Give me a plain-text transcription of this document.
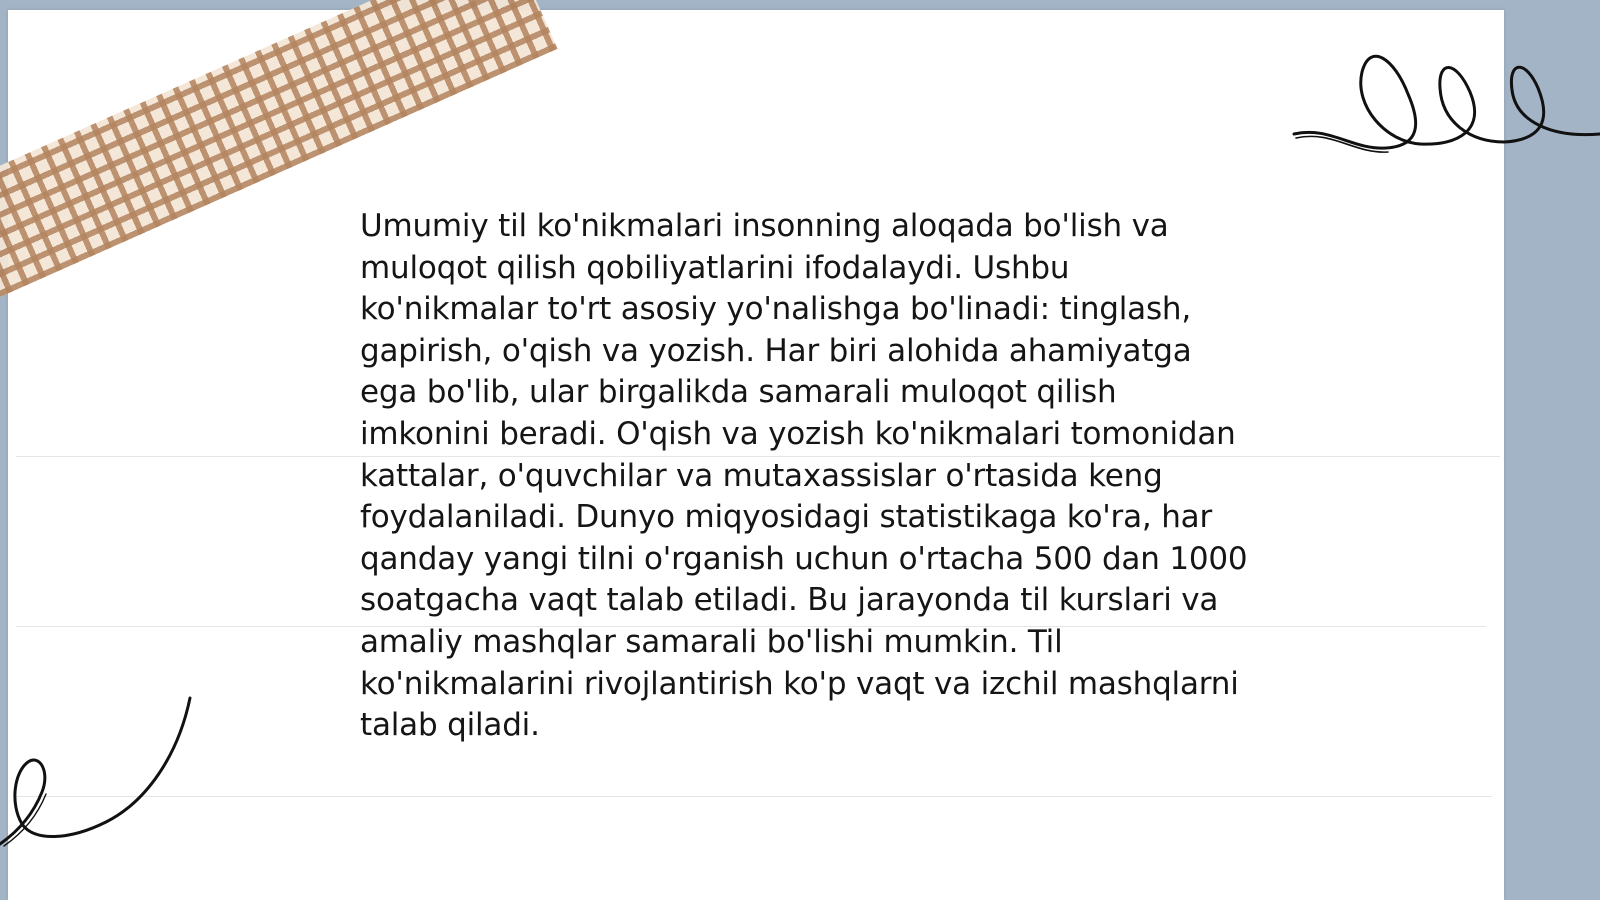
Umumiy til ko'nikmalari insonning aloqada bo'lish va muloqot qilish qobiliyatlarini ifodalaydi. Ushbu ko'nikmalar to'rt asosiy yo'nalishga bo'linadi: tinglash, gapirish, o'qish va yozish. Har biri alohida ahamiyatga ega bo'lib, ular birgalikda samarali muloqot qilish imkonini beradi. O'qish va yozish ko'nikmalari tomonidan kattalar, o'quvchilar va mutaxassislar o'rtasida keng foydalaniladi. Dunyo miqyosidagi statistikaga ko'ra, har qanday yangi tilni o'rganish uchun o'rtacha 500 dan 1000 soatgacha vaqt talab etiladi. Bu jarayonda til kurslari va amaliy mashqlar samarali bo'lishi mumkin. Til ko'nikmalarini rivojlantirish ko'p vaqt va izchil mashqlarni talab qiladi.
